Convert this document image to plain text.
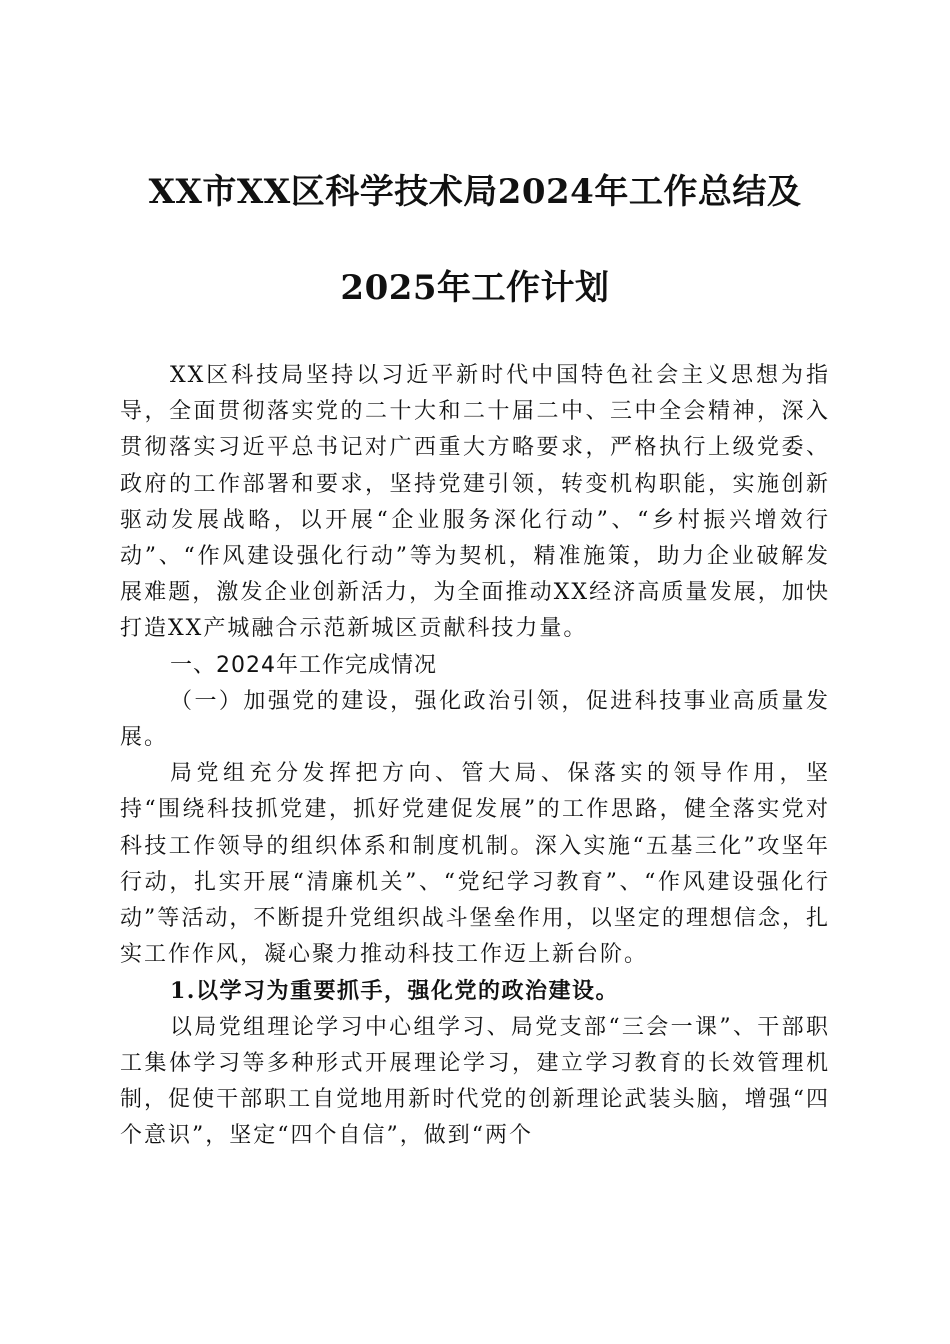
XX市XX区科学技术局2024年工作总结及
2025年工作计划

XX区科技局坚持以习近平新时代中国特色社会主义思想为指导，全面贯彻落实党的二十大和二十届二中、三中全会精神，深入贯彻落实习近平总书记对广西重大方略要求，严格执行上级党委、政府的工作部署和要求，坚持党建引领，转变机构职能，实施创新驱动发展战略，以开展“企业服务深化行动”、“乡村振兴增效行动”、“作风建设强化行动”等为契机，精准施策，助力企业破解发展难题，激发企业创新活力，为全面推动XX经济高质量发展，加快打造XX产城融合示范新城区贡献科技力量。

一、2024年工作完成情况

（一）加强党的建设，强化政治引领，促进科技事业高质量发展。

局党组充分发挥把方向、管大局、保落实的领导作用，坚持“围绕科技抓党建，抓好党建促发展”的工作思路，健全落实党对科技工作领导的组织体系和制度机制。深入实施“五基三化”攻坚年行动，扎实开展“清廉机关”、“党纪学习教育”、“作风建设强化行动”等活动，不断提升党组织战斗堡垒作用，以坚定的理想信念，扎实工作作风，凝心聚力推动科技工作迈上新台阶。

1.以学习为重要抓手，强化党的政治建设。

以局党组理论学习中心组学习、局党支部“三会一课”、干部职工集体学习等多种形式开展理论学习，建立学习教育的长效管理机制，促使干部职工自觉地用新时代党的创新理论武装头脑，增强“四个意识”，坚定“四个自信”，做到“两个
